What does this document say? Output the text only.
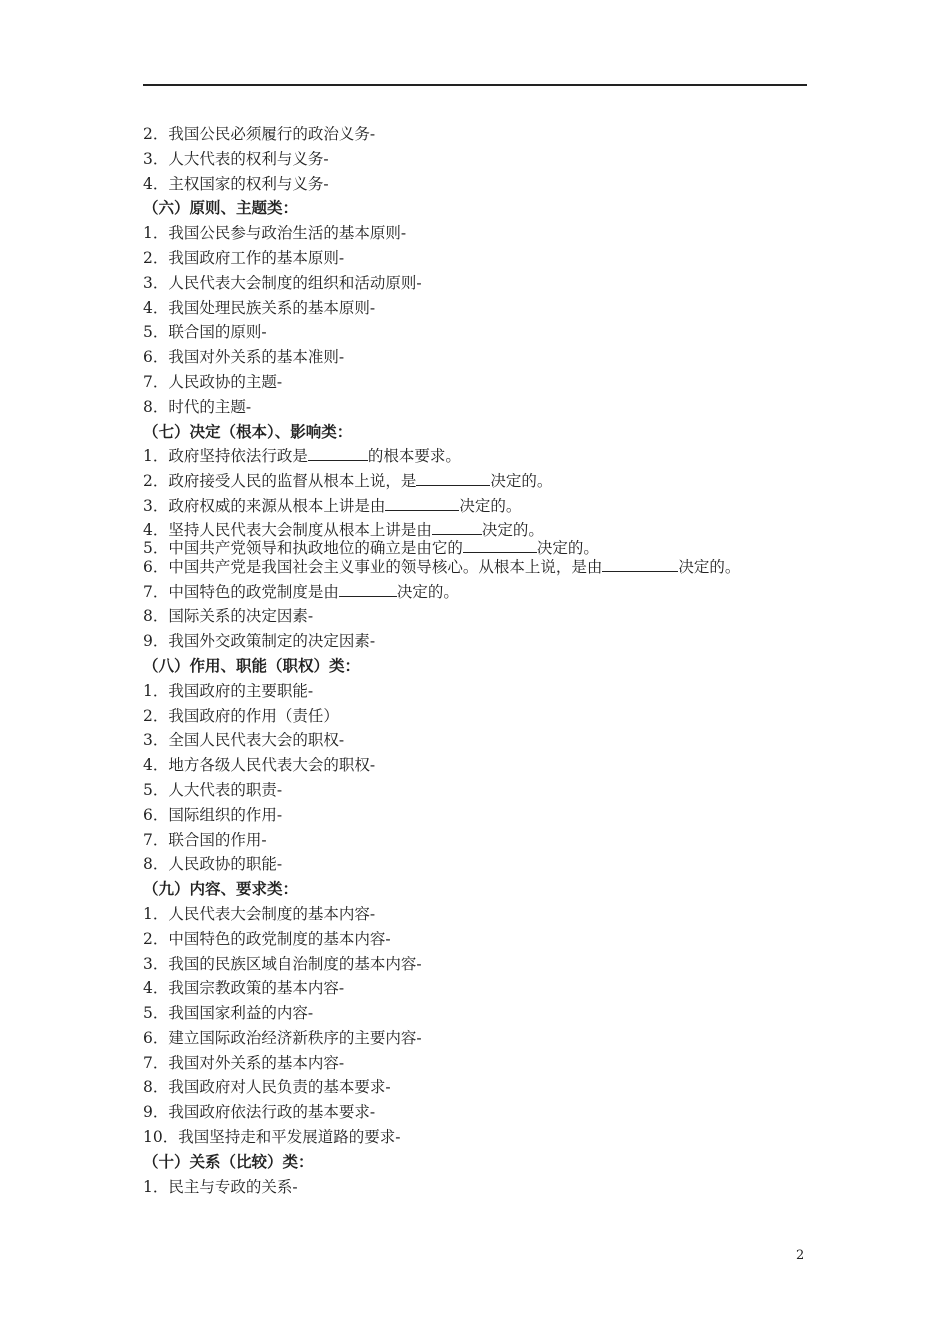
2．我国公民必须履行的政治义务-
3．人大代表的权利与义务-
4．主权国家的权利与义务-
（六）原则、主题类：
1．我国公民参与政治生活的基本原则-
2．我国政府工作的基本原则-
3．人民代表大会制度的组织和活动原则-
4．我国处理民族关系的基本原则-
5．联合国的原则-
6．我国对外关系的基本准则-
7．人民政协的主题-
8．时代的主题-
（七）决定（根本）、影响类：
1．政府坚持依法行政是	的根本要求。
2．政府接受人民的监督从根本上说，是	决定的。
3．政府权威的来源从根本上讲是由	决定的。
4．坚持人民代表大会制度从根本上讲是由	决定的。
5．中国共产党领导和执政地位的确立是由它的	决定的。
6．中国共产党是我国社会主义事业的领导核心。从根本上说，是由	决定的。
7．中国特色的政党制度是由	决定的。
8．国际关系的决定因素-
9．我国外交政策制定的决定因素-
（八）作用、职能（职权）类：
1．我国政府的主要职能-
2．我国政府的作用（责任）
3．全国人民代表大会的职权-
4．地方各级人民代表大会的职权-
5．人大代表的职责-
6．国际组织的作用-
7．联合国的作用-
8．人民政协的职能-
（九）内容、要求类：
1．人民代表大会制度的基本内容-
2．中国特色的政党制度的基本内容-
3．我国的民族区域自治制度的基本内容-
4．我国宗教政策的基本内容-
5．我国国家利益的内容-
6．建立国际政治经济新秩序的主要内容-
7．我国对外关系的基本内容-
8．我国政府对人民负责的基本要求-
9．我国政府依法行政的基本要求-
10．我国坚持走和平发展道路的要求-
（十）关系（比较）类：
1．民主与专政的关系-
2
